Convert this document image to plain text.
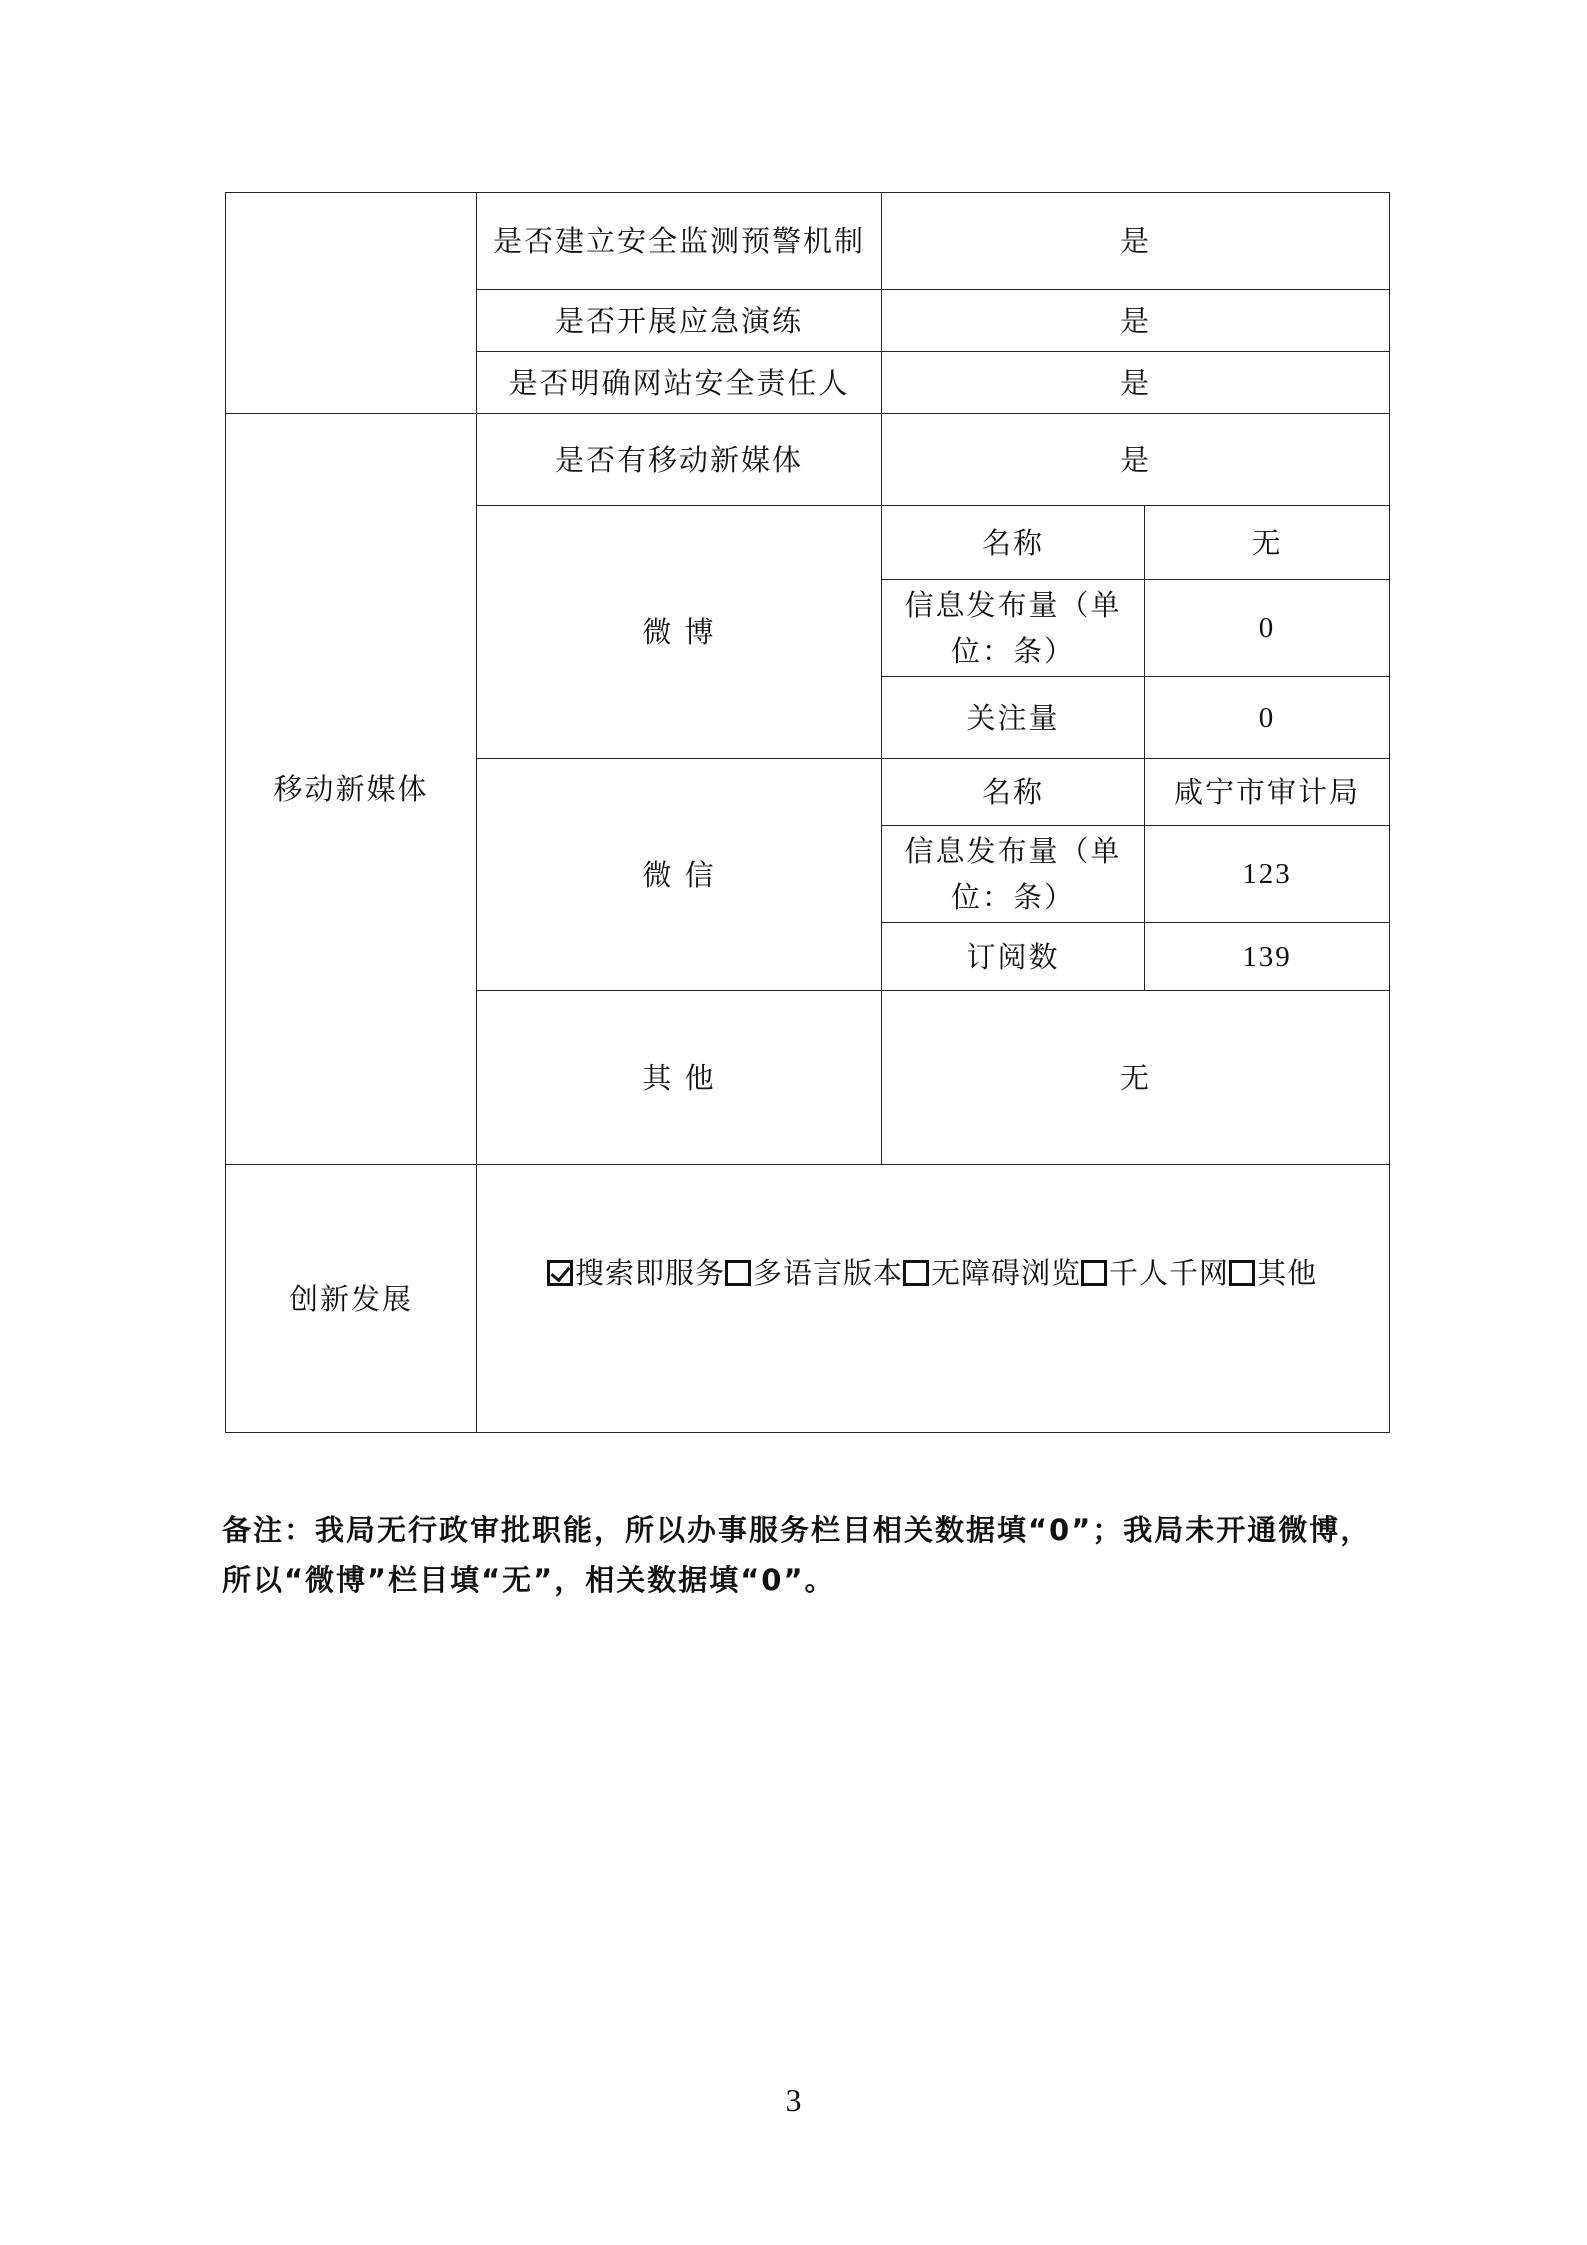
	是否建立安全监测预警机制	是	
	是否开展应急演练	是	
	是否明确网站安全责任人	是	
移动新媒体	是否有移动新媒体	是	
	微 博	名称	无
		信息发布量（单位：条）	0
		关注量	0
	微 信	名称	咸宁市审计局
		信息发布量（单位：条）	123
		订阅数	139
	其 他	无	
创新发展	搜索即服务 多语言版本 无障碍浏览 千人千网 其他		
备注：我局无行政审批职能，所以办事服务栏目相关数据填“0”；我局未开通微博，所以“微博”栏目填“无”，相关数据填“0”。
3
